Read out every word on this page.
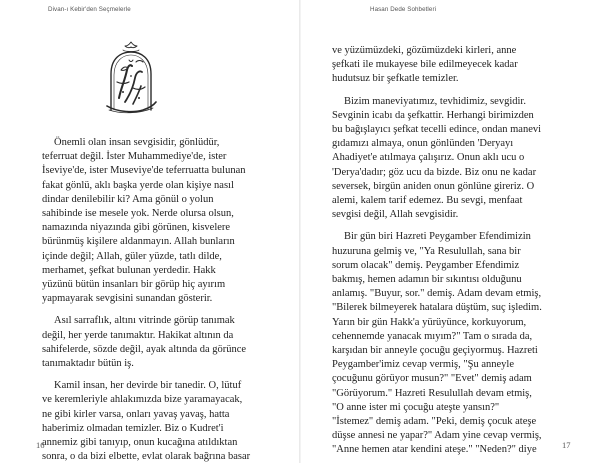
Divan-ı Kebir'den Seçmelerle

Önemli olan insan sevgisidir, gönlüdür,
teferruat değil. İster Muhammediye'de, ister
İseviye'de, ister Museviye'de teferruatta bulunan
fakat gönlü, aklı başka yerde olan kişiye nasıl
dindar denilebilir ki? Ama gönül o yolun
sahibinde ise mesele yok. Nerde olursa olsun,
namazında niyazında gibi görünen, kisvelere
bürünmüş kişilere aldanmayın. Allah bunların
içinde değil; Allah, güler yüzde, tatlı dilde,
merhamet, şefkat bulunan yerdedir. Hakk
yüzünü bütün insanları bir görüp hiç ayırım
yapmayarak sevgisini sunandan gösterir.

Asıl sarraflık, altını vitrinde görüp tanımak
değil, her yerde tanımaktır. Hakikat altının da
sahifelerde, sözde değil, ayak altında da görünce
tanımaktadır bütün iş.

Kamil insan, her devirde bir tanedir. O, lütuf
ve keremleriyle ahlakımızda bize yaramayacak,
ne gibi kirler varsa, onları yavaş yavaş, hatta
haberimiz olmadan temizler. Biz o Kudret'i
annemiz gibi tanıyıp, onun kucağına atıldıktan
sonra, o da bizi elbette, evlat olarak bağrına basar

16
Hasan Dede Sohbetleri

ve yüzümüzdeki, gözümüzdeki kirleri, anne
şefkati ile mukayese bile edilmeyecek kadar
hudutsuz bir şefkatle temizler.

Bizim maneviyatımız, tevhidimiz, sevgidir.
Sevginin icabı da şefkattir. Herhangi birimizden
bu bağışlayıcı şefkat tecelli edince, ondan manevi
gıdamızı almaya, onun gönlünden 'Deryayı
Ahadiyet'e atılmaya çalışırız. Onun aklı ucu o
'Derya'dadır; göz ucu da bizde. Biz onu ne kadar
seversek, birgün aniden onun gönlüne gireriz. O
alemi, kalem tarif edemez. Bu sevgi, menfaat
sevgisi değil, Allah sevgisidir.

Bir gün biri Hazreti Peygamber Efendimizin
huzuruna gelmiş ve, "Ya Resulullah, sana bir
sorum olacak" demiş. Peygamber Efendimiz
bakmış, hemen adamın bir sıkıntısı olduğunu
anlamış. "Buyur, sor." demiş. Adam devam etmiş,
"Bilerek bilmeyerek hatalara düştüm, suç işledim.
Yarın bir gün Hakk'a yürüyünce, korkuyorum,
cehennemde yanacak mıyım?" Tam o sırada da,
karşıdan bir anneyle çocuğu geçiyormuş. Hazreti
Peygamber'imiz cevap vermiş, "Şu anneyle
çocuğunu görüyor musun?" "Evet" demiş adam
"Görüyorum." Hazreti Resulullah devam etmiş,
"O anne ister mi çocuğu ateşte yansın?"
"İstemez" demiş adam. "Peki, demiş çocuk ateşe
düşse annesi ne yapar?" Adam yine cevap vermiş,
"Anne hemen atar kendini ateşe." "Neden?" diye	17
